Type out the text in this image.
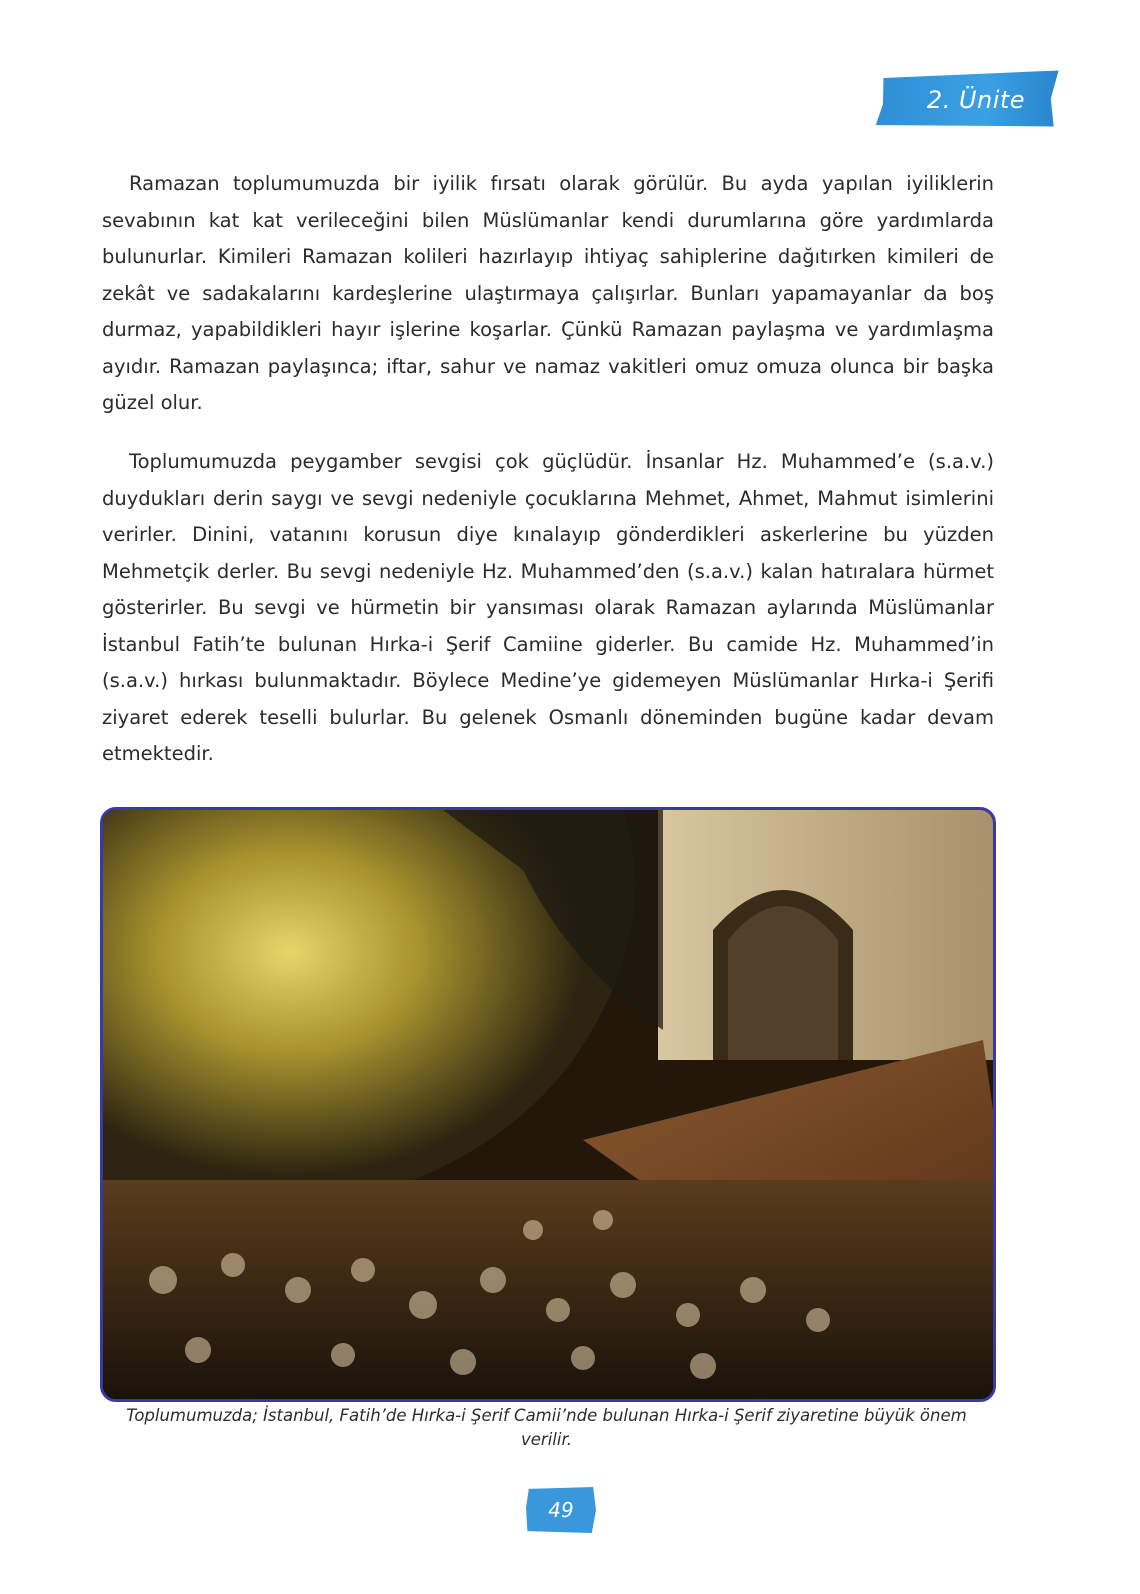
2. Ünite

Ramazan toplumumuzda bir iyilik fırsatı olarak görülür. Bu ayda yapılan iyiliklerin sevabının kat kat verileceğini bilen Müslümanlar kendi durumlarına göre yardımlarda bulunurlar. Kimileri Ramazan kolileri hazırlayıp ihtiyaç sahiplerine dağıtırken kimileri de zekât ve sadakalarını kardeşlerine ulaştırmaya çalışırlar. Bunları yapamayanlar da boş durmaz, yapabildikleri hayır işlerine koşarlar. Çünkü Ramazan paylaşma ve yardımlaşma ayıdır. Ramazan paylaşınca; iftar, sahur ve namaz vakitleri omuz omuza olunca bir başka güzel olur.

Toplumumuzda peygamber sevgisi çok güçlüdür. İnsanlar Hz. Muhammed’e (s.a.v.) duydukları derin saygı ve sevgi nedeniyle çocuklarına Mehmet, Ahmet, Mahmut isimlerini verirler. Dinini, vatanını korusun diye kınalayıp gönderdikleri askerlerine bu yüzden Mehmetçik derler. Bu sevgi nedeniyle Hz. Muhammed’den (s.a.v.) kalan hatıralara hürmet gösterirler. Bu sevgi ve hürmetin bir yansıması olarak Ramazan aylarında Müslümanlar İstanbul Fatih’te bulunan Hırka-i Şerif Camiine giderler. Bu camide Hz. Muhammed’in (s.a.v.) hırkası bulunmaktadır. Böylece Medine’ye gidemeyen Müslümanlar Hırka-i Şerifi ziyaret ederek teselli bulurlar. Bu gelenek Osmanlı döneminden bugüne kadar devam etmektedir.

Toplumumuzda; İstanbul, Fatih’de Hırka-i Şerif Camii’nde bulunan Hırka-i Şerif ziyaretine büyük önem verilir.

49
